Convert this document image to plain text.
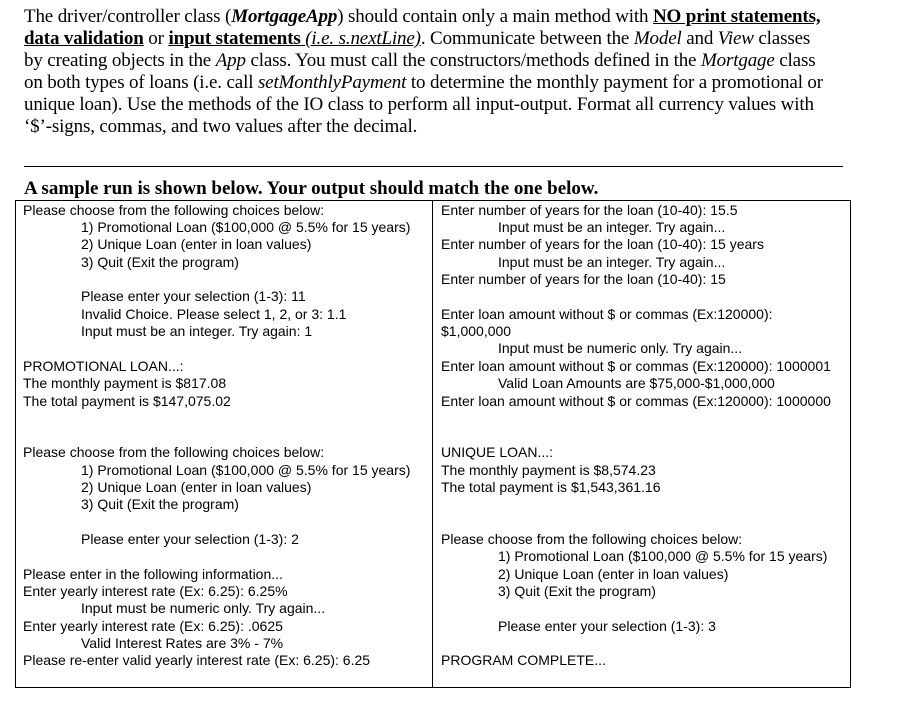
The driver/controller class (MortgageApp) should contain only a main method with NO print statements,
data validation or input statements (i.e. s.nextLine). Communicate between the Model and View classes
by creating objects in the App class. You must call the constructors/methods defined in the Mortgage class
on both types of loans (i.e. call setMonthlyPayment to determine the monthly payment for a promotional or
unique loan). Use the methods of the IO class to perform all input-output. Format all currency values with
‘$’-signs, commas, and two values after the decimal.
A sample run is shown below. Your output should match the one below.
Please choose from the following choices below:
1) Promotional Loan ($100,000 @ 5.5% for 15 years)
2) Unique Loan (enter in loan values)
3) Quit (Exit the program)
Please enter your selection (1-3): 11
Invalid Choice. Please select 1, 2, or 3: 1.1
Input must be an integer. Try again: 1
PROMOTIONAL LOAN...:
The monthly payment is $817.08
The total payment is $147,075.02
Please choose from the following choices below:
1) Promotional Loan ($100,000 @ 5.5% for 15 years)
2) Unique Loan (enter in loan values)
3) Quit (Exit the program)
Please enter your selection (1-3): 2
Please enter in the following information...
Enter yearly interest rate (Ex: 6.25): 6.25%
Input must be numeric only. Try again...
Enter yearly interest rate (Ex: 6.25): .0625
Valid Interest Rates are 3% - 7%
Please re-enter valid yearly interest rate (Ex: 6.25): 6.25
Enter number of years for the loan (10-40): 15.5
Input must be an integer. Try again...
Enter number of years for the loan (10-40): 15 years
Input must be an integer. Try again...
Enter number of years for the loan (10-40): 15
Enter loan amount without $ or commas (Ex:120000):
$1,000,000
Input must be numeric only. Try again...
Enter loan amount without $ or commas (Ex:120000): 1000001
Valid Loan Amounts are $75,000-$1,000,000
Enter loan amount without $ or commas (Ex:120000): 1000000
UNIQUE LOAN...:
The monthly payment is $8,574.23
The total payment is $1,543,361.16
Please choose from the following choices below:
1) Promotional Loan ($100,000 @ 5.5% for 15 years)
2) Unique Loan (enter in loan values)
3) Quit (Exit the program)
Please enter your selection (1-3): 3
PROGRAM COMPLETE...
